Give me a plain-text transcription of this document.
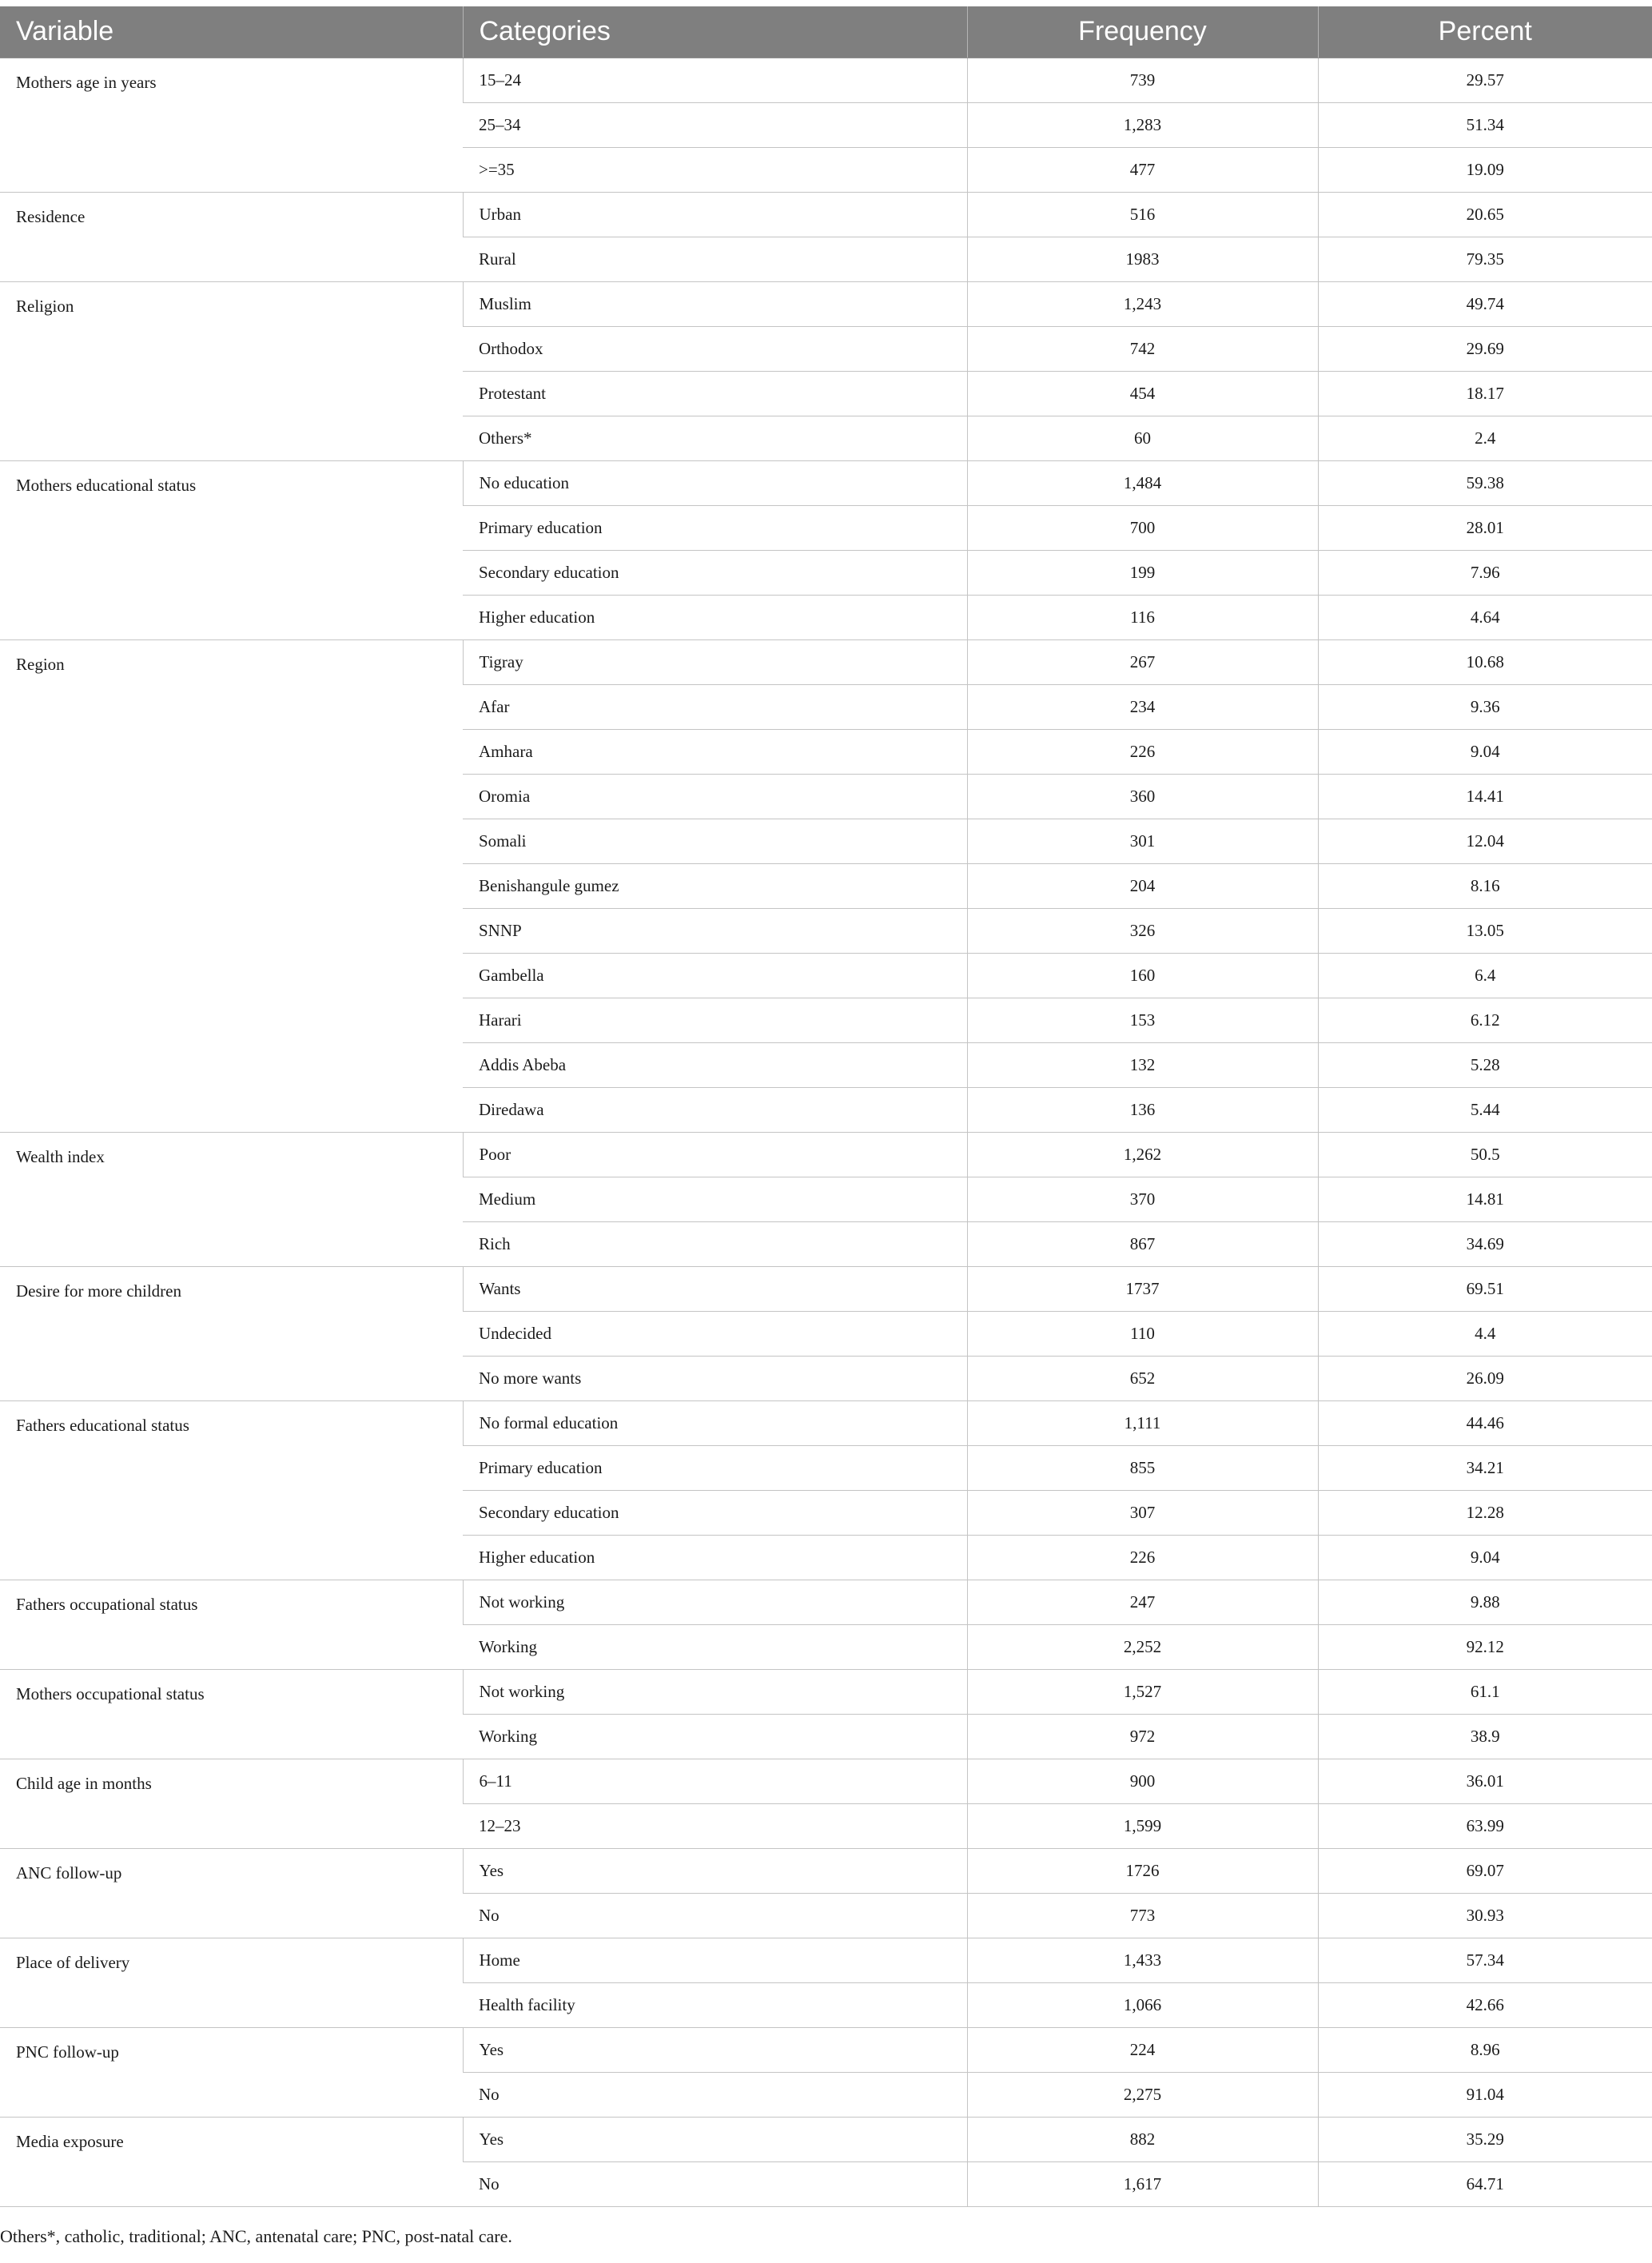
Variable	Categories	Frequency	Percent
Mothers age in years	15–24	739	29.57
	25–34	1,283	51.34
	>=35	477	19.09
Residence	Urban	516	20.65
	Rural	1983	79.35
Religion	Muslim	1,243	49.74
	Orthodox	742	29.69
	Protestant	454	18.17
	Others*	60	2.4
Mothers educational status	No education	1,484	59.38
	Primary education	700	28.01
	Secondary education	199	7.96
	Higher education	116	4.64
Region	Tigray	267	10.68
	Afar	234	9.36
	Amhara	226	9.04
	Oromia	360	14.41
	Somali	301	12.04
	Benishangule gumez	204	8.16
	SNNP	326	13.05
	Gambella	160	6.4
	Harari	153	6.12
	Addis Abeba	132	5.28
	Diredawa	136	5.44
Wealth index	Poor	1,262	50.5
	Medium	370	14.81
	Rich	867	34.69
Desire for more children	Wants	1737	69.51
	Undecided	110	4.4
	No more wants	652	26.09
Fathers educational status	No formal education	1,111	44.46
	Primary education	855	34.21
	Secondary education	307	12.28
	Higher education	226	9.04
Fathers occupational status	Not working	247	9.88
	Working	2,252	92.12
Mothers occupational status	Not working	1,527	61.1
	Working	972	38.9
Child age in months	6–11	900	36.01
	12–23	1,599	63.99
ANC follow-up	Yes	1726	69.07
	No	773	30.93
Place of delivery	Home	1,433	57.34
	Health facility	1,066	42.66
PNC follow-up	Yes	224	8.96
	No	2,275	91.04
Media exposure	Yes	882	35.29
	No	1,617	64.71
Others*, catholic, traditional; ANC, antenatal care; PNC, post-natal care.
